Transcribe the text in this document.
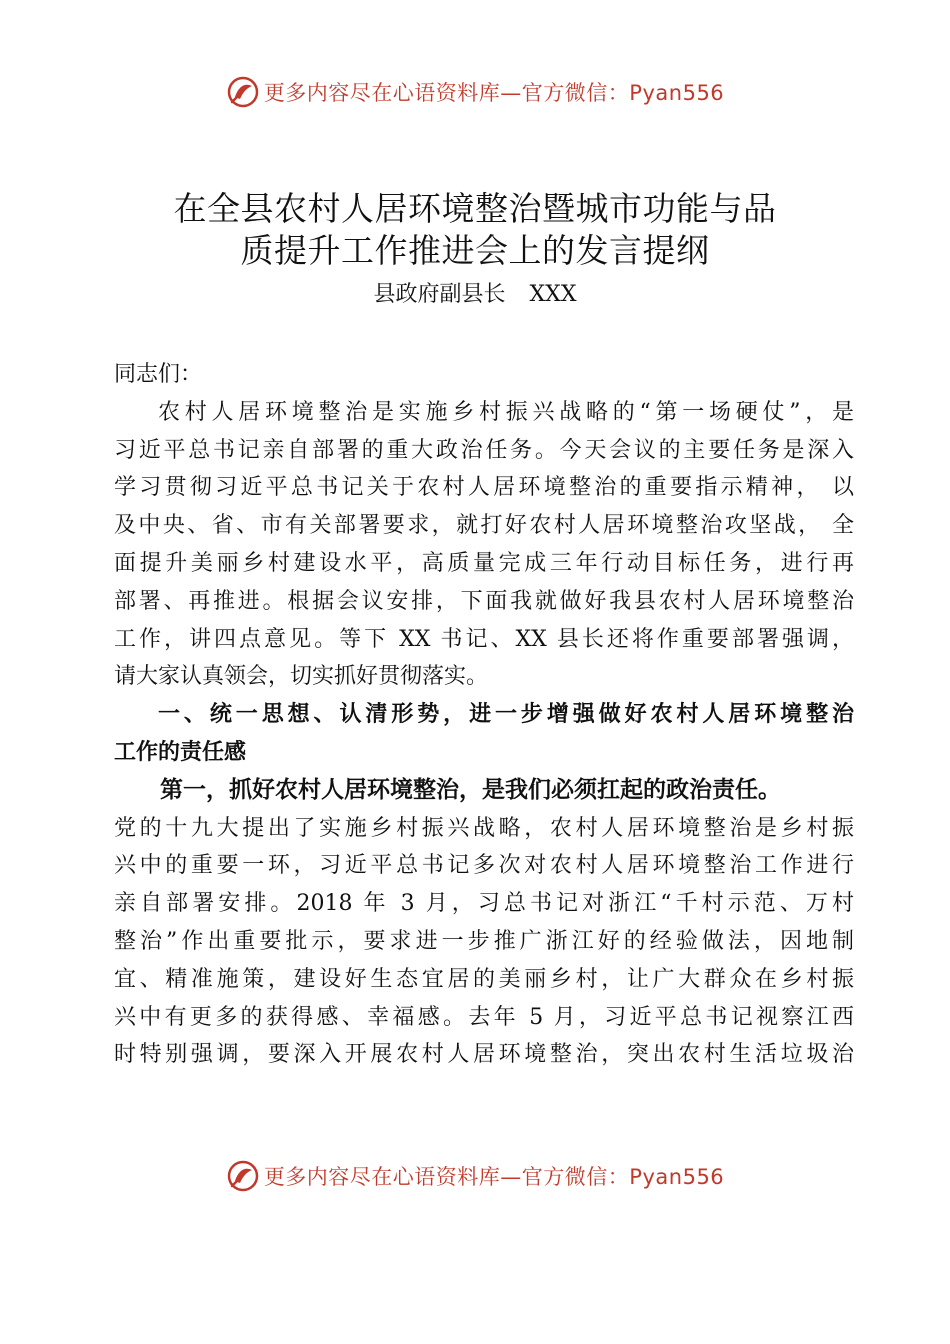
更多内容尽在心语资料库—官方微信：Pyan556
在全县农村人居环境整治暨城市功能与品
质提升工作推进会上的发言提纲
县政府副县长 XXX

同志们：

农村人居环境整治是实施乡村振兴战略的“第一场硬仗”，是
习近平总书记亲自部署的重大政治任务。今天会议的主要任务是深入
学习贯彻习近平总书记关于农村人居环境整治的重要指示精神， 以
及中央、省、市有关部署要求，就打好农村人居环境整治攻坚战， 全
面提升美丽乡村建设水平，高质量完成三年行动目标任务，进行再
部署、再推进。根据会议安排，下面我就做好我县农村人居环境整治
工作，讲四点意见。等下 XX 书记、XX 县长还将作重要部署强调，
请大家认真领会，切实抓好贯彻落实。

一、统一思想、认清形势，进一步增强做好农村人居环境整治
工作的责任感

第一，抓好农村人居环境整治，是我们必须扛起的政治责任。
党的十九大提出了实施乡村振兴战略，农村人居环境整治是乡村振
兴中的重要一环，习近平总书记多次对农村人居环境整治工作进行
亲自部署安排。2018 年 3 月，习总书记对浙江“千村示范、万村
整治”作出重要批示，要求进一步推广浙江好的经验做法，因地制
宜、精准施策，建设好生态宜居的美丽乡村，让广大群众在乡村振
兴中有更多的获得感、幸福感。去年 5 月，习近平总书记视察江西
时特别强调，要深入开展农村人居环境整治，突出农村生活垃圾治

更多内容尽在心语资料库—官方微信：Pyan556
